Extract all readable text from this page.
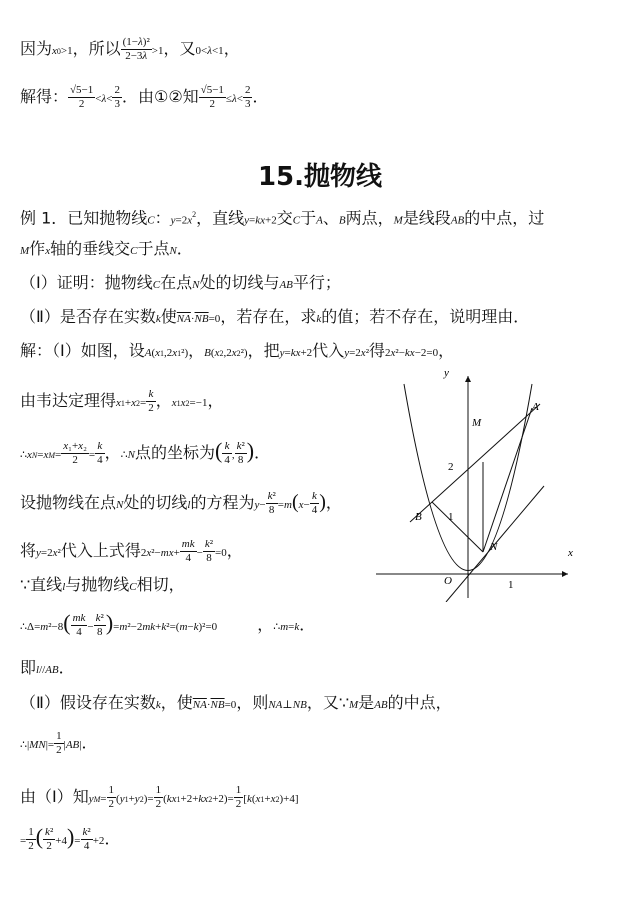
因为x0>1，所以 $\frac{\text{(1−λ)²}}{2-3\lambda} >1$，又0<λ<1，
解得： $\frac{√5-1}{2} <\lambda< \frac{2}{3}$ ．由①②知 $\frac{√5-1}{2} \le\lambda< \frac{2}{3}$ ．
15.抛物线
例 1．已知抛物线C：$y=2x^2$，直线y=kx+2交C于A、B两点，M是线段AB的中点，过
M作x轴的垂线交C于点N．
（Ⅰ）证明：抛物线C在点N处的切线与AB平行；
（Ⅱ）是否存在实数k使$\overline{NA}\cdot\overline{NB}=0$，若存在，求k的值；若不存在，说明理由．
解：（Ⅰ）如图，设A(x1,2x1²)，B(x2,2x2²)，把y=kx+2代入y=2x²得2x²−kx−2=0，
由韦达定理得$x1+x2= \frac{k}{2}$ ，x1x2=−1，
∴xN=xM= $\frac{\text{x₁+x₂}}{2} = \frac{k}{4}$ ，∴N点的坐标为( $\frac{k}{4}$ , $\frac{\text{k²}}{8}$ )．
设抛物线在点N处的切线l的方程为$y- \frac{\text{k²}}{8} =m(x- \frac{k}{4}$ )，
将y=2x²代入上式得$2x^2-mx+ \frac{mk}{4} - \frac{\text{k²}}{8} =0$，
∵直线l与抛物线C相切，
∴Δ=m²−8( $\frac{mk}{4} - \frac{\text{k²}}{8} )=m^2-2mk+k^2=(m-k)^2=0$	，∴m=k．
即l//AB．
（Ⅱ）假设存在实数k，使$\overline{NA}\cdot\overline{NB}=0$，则NA⊥NB，又∵M是AB的中点，
∴|MN|= $\frac{1}{2} |AB|$．
由（Ⅰ）知$yM= \frac{1}{2} (y1+y2)= \frac{1}{2} (kx1+2+kx2+2)= \frac{1}{2} [k(x1+x2)+4]$
= $\frac{1}{2}$ ( $\frac{\text{k²}}{2} +4)= \frac{\text{k²}}{4} +2$．
y
x
A
B
M
N
O
2
1
1
